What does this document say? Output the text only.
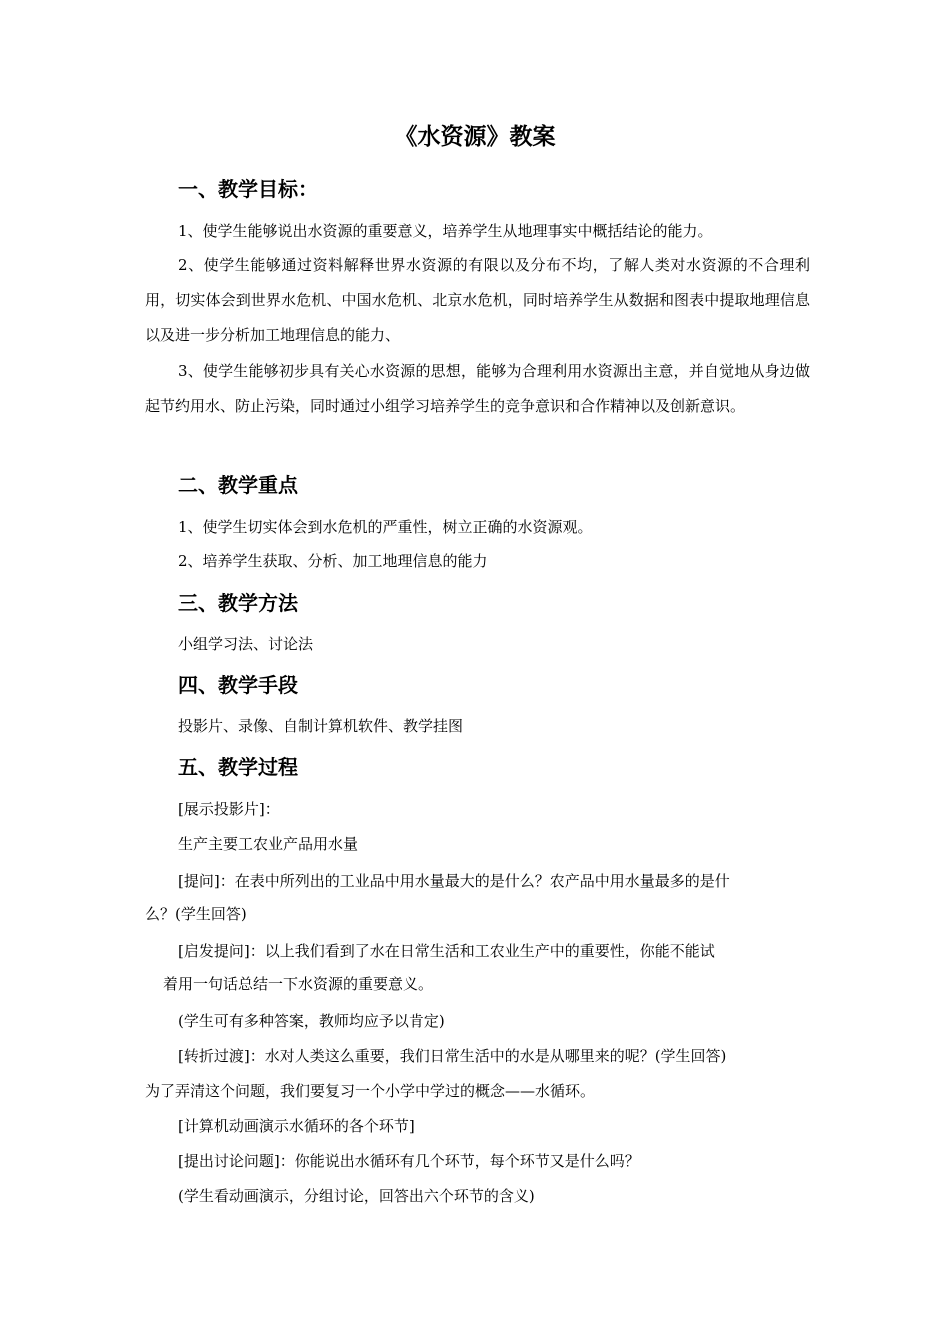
《水资源》教案
一、教学目标：
1、使学生能够说出水资源的重要意义，培养学生从地理事实中概括结论的能力。
2、使学生能够通过资料解释世界水资源的有限以及分布不均，了解人类对水资源的不合理利用，切实体会到世界水危机、中国水危机、北京水危机，同时培养学生从数据和图表中提取地理信息以及进一步分析加工地理信息的能力、
3、使学生能够初步具有关心水资源的思想，能够为合理利用水资源出主意，并自觉地从身边做起节约用水、防止污染，同时通过小组学习培养学生的竞争意识和合作精神以及创新意识。
二、教学重点
1、使学生切实体会到水危机的严重性，树立正确的水资源观。
2、培养学生获取、分析、加工地理信息的能力
三、教学方法
小组学习法、讨论法
四、教学手段
投影片、录像、自制计算机软件、教学挂图
五、教学过程
[展示投影片]：
生产主要工农业产品用水量
[提问]：在表中所列出的工业品中用水量最大的是什么？农产品中用水量最多的是什
么？(学生回答)
[启发提问]：以上我们看到了水在日常生活和工农业生产中的重要性，你能不能试
着用一句话总结一下水资源的重要意义。
(学生可有多种答案，教师均应予以肯定)
[转折过渡]：水对人类这么重要，我们日常生活中的水是从哪里来的呢？(学生回答)
为了弄清这个问题，我们要复习一个小学中学过的概念——水循环。
[计算机动画演示水循环的各个环节]
[提出讨论问题]：你能说出水循环有几个环节，每个环节又是什么吗？
(学生看动画演示，分组讨论，回答出六个环节的含义)
